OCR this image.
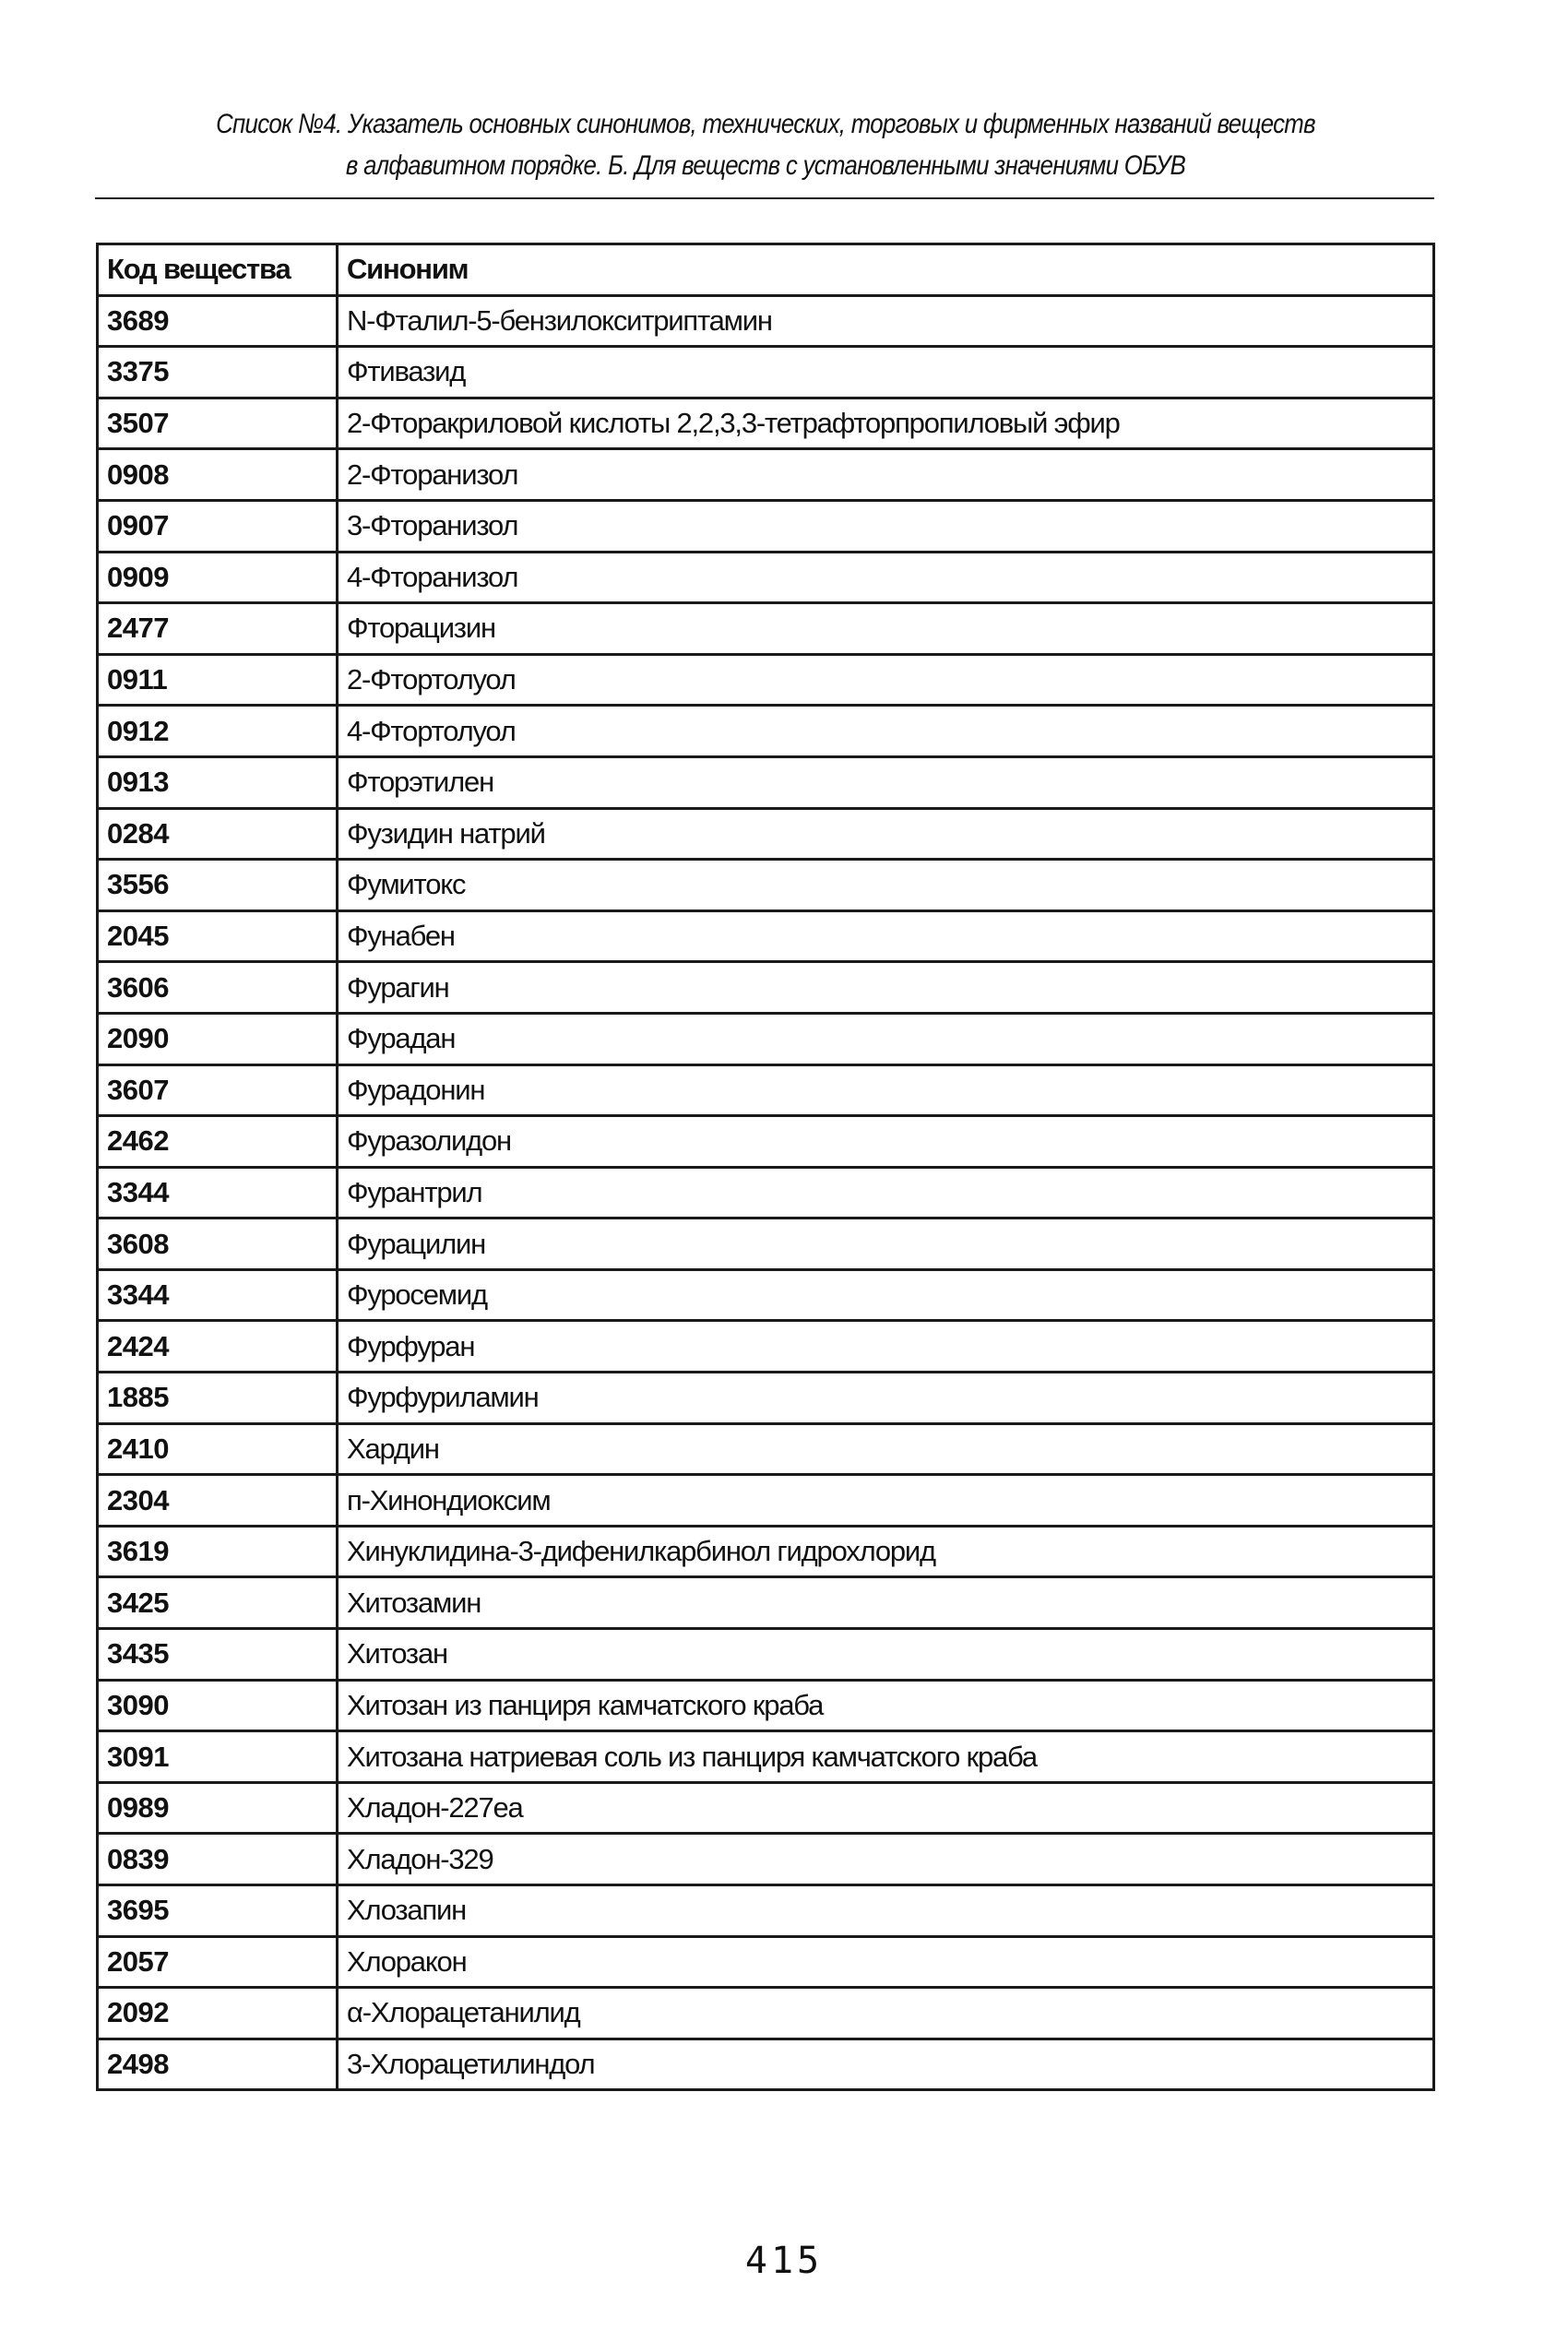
Список №4. Указатель основных синонимов, технических, торговых и фирменных названий веществ
в алфавитном порядке. Б. Для веществ с установленными значениями ОБУВ
Код вещества	Синоним
3689	N-Фталил-5-бензилокситриптамин
3375	Фтивазид
3507	2-Фторакриловой кислоты 2,2,3,3-тетрафторпропиловый эфир
0908	2-Фторанизол
0907	3-Фторанизол
0909	4-Фторанизол
2477	Фторацизин
0911	2-Фтортолуол
0912	4-Фтортолуол
0913	Фторэтилен
0284	Фузидин натрий
3556	Фумитокс
2045	Фунабен
3606	Фурагин
2090	Фурадан
3607	Фурадонин
2462	Фуразолидон
3344	Фурантрил
3608	Фурацилин
3344	Фуросемид
2424	Фурфуран
1885	Фурфуриламин
2410	Хардин
2304	п-Хинондиоксим
3619	Хинуклидина-3-дифенилкарбинол гидрохлорид
3425	Хитозамин
3435	Хитозан
3090	Хитозан из панциря камчатского краба
3091	Хитозана натриевая соль из панциря камчатского краба
0989	Хладон-227еа
0839	Хладон-329
3695	Хлозапин
2057	Хлоракон
2092	α-Хлорацетанилид
2498	3-Хлорацетилиндол
415
